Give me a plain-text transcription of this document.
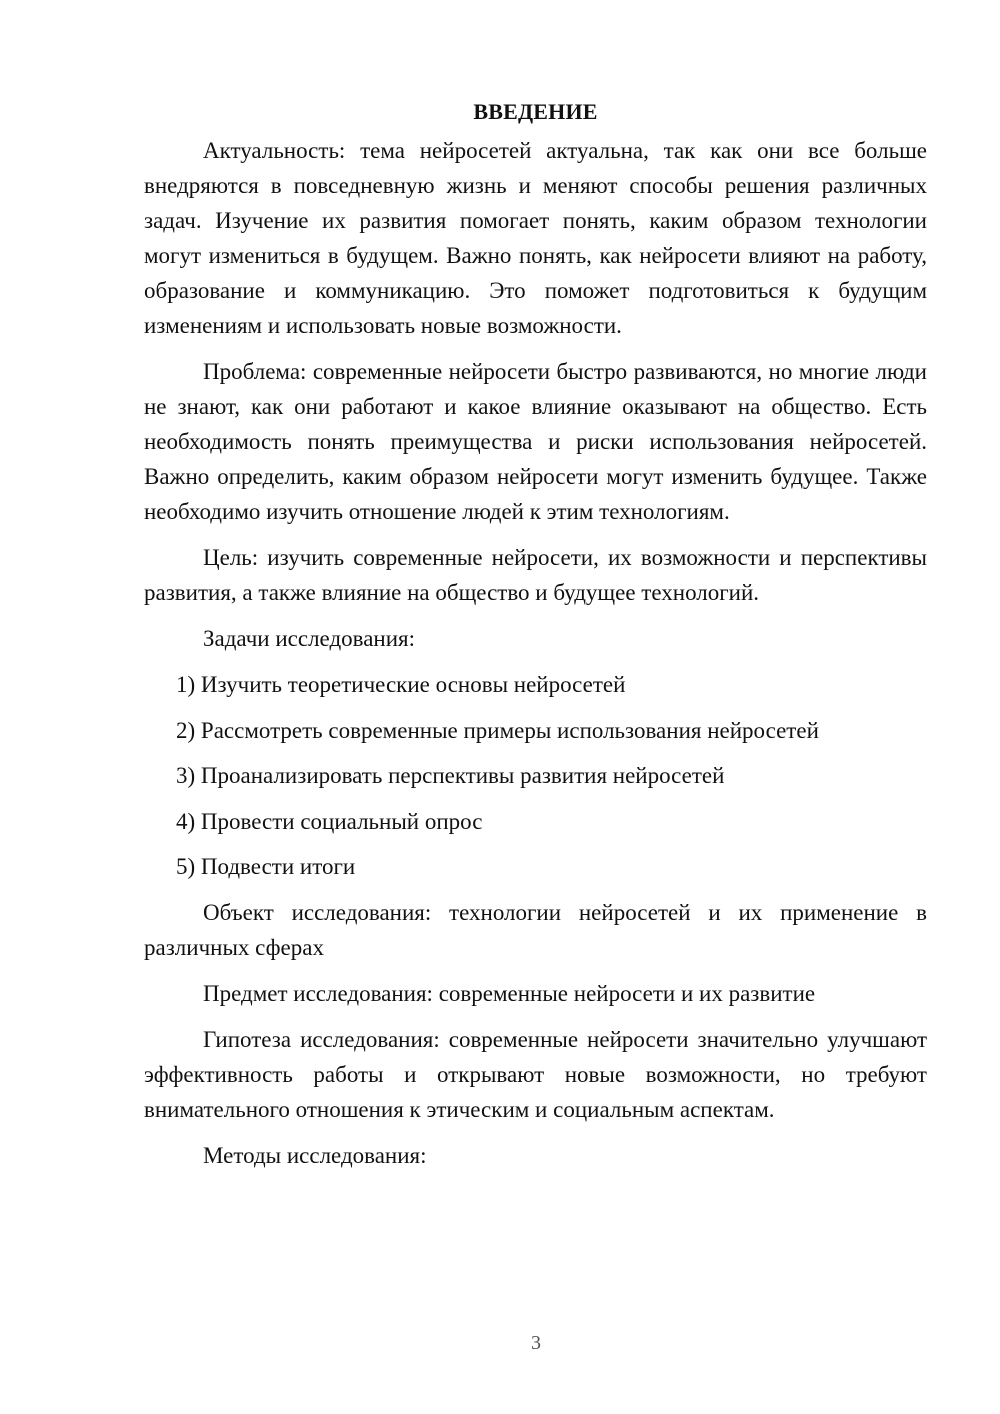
ВВЕДЕНИЕ

Актуальность: тема нейросетей актуальна, так как они все больше внедряются в повседневную жизнь и меняют способы решения различных задач. Изучение их развития помогает понять, каким образом технологии могут измениться в будущем. Важно понять, как нейросети влияют на работу, образование и коммуникацию. Это поможет подготовиться к будущим изменениям и использовать новые возможности.

Проблема: современные нейросети быстро развиваются, но многие люди не знают, как они работают и какое влияние оказывают на общество. Есть необходимость понять преимущества и риски использования нейросетей. Важно определить, каким образом нейросети могут изменить будущее. Также необходимо изучить отношение людей к этим технологиям.

Цель: изучить современные нейросети, их возможности и перспективы развития, а также влияние на общество и будущее технологий.

Задачи исследования:

1) Изучить теоретические основы нейросетей
2) Рассмотреть современные примеры использования нейросетей
3) Проанализировать перспективы развития нейросетей
4) Провести социальный опрос
5) Подвести итоги

Объект исследования: технологии нейросетей и их применение в различных сферах

Предмет исследования: современные нейросети и их развитие

Гипотеза исследования: современные нейросети значительно улучшают эффективность работы и открывают новые возможности, но требуют внимательного отношения к этическим и социальным аспектам.

Методы исследования:

3
